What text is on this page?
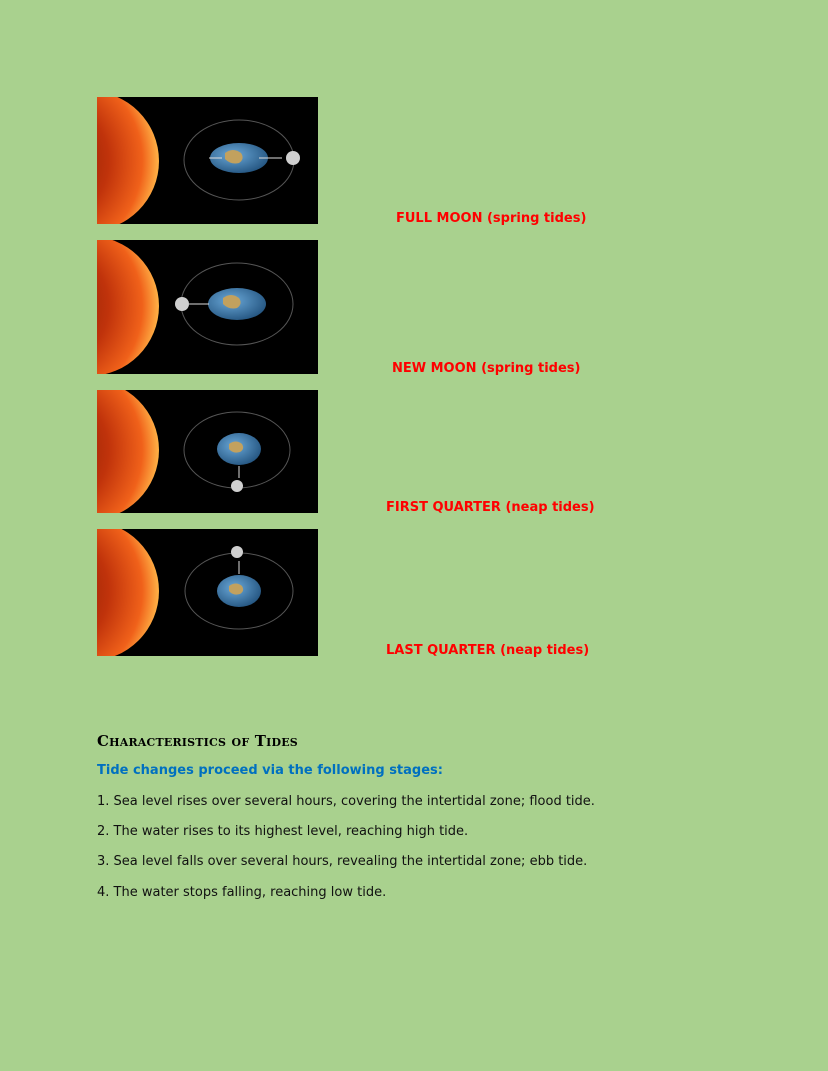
FULL MOON (spring tides)
NEW MOON (spring tides)
FIRST QUARTER (neap tides)
LAST QUARTER (neap tides)
Characteristics of Tides
Tide changes proceed via the following stages:
1. Sea level rises over several hours, covering the intertidal zone; flood tide.
2. The water rises to its highest level, reaching high tide.
3. Sea level falls over several hours, revealing the intertidal zone; ebb tide.
4. The water stops falling, reaching low tide.
